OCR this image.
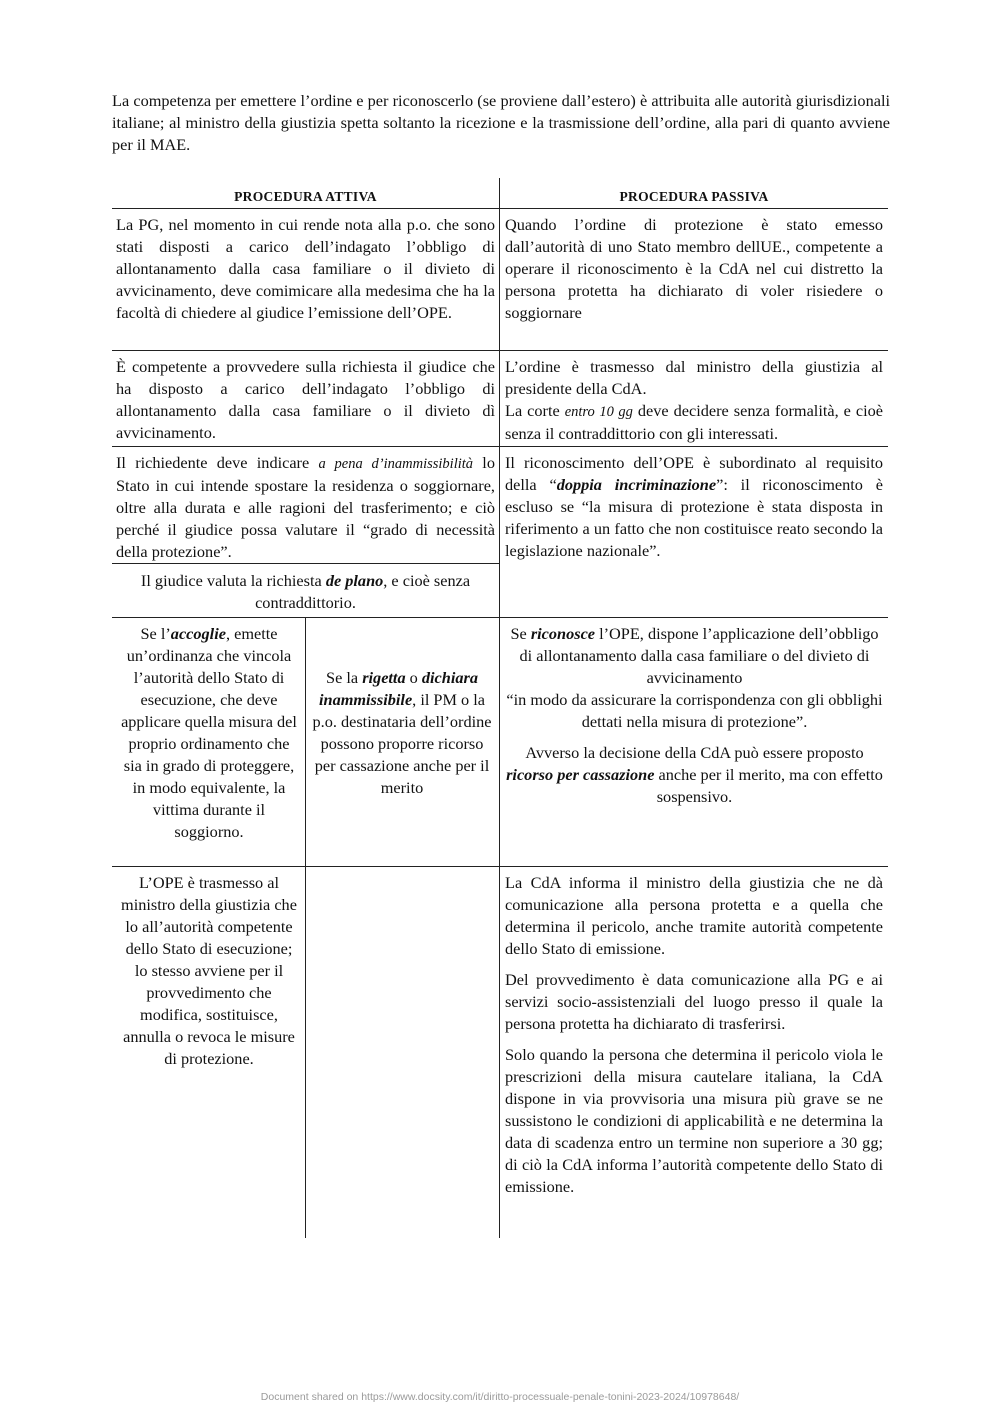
La competenza per emettere l’ordine e per riconoscerlo (se proviene dall’estero) è attribuita alle autorità giurisdizionali italiane; al ministro della giustizia spetta soltanto la ricezione e la trasmissione dell’ordine, alla pari di quanto avviene per il MAE.

PROCEDURA ATTIVA	PROCEDURA PASSIVA
La PG, nel momento in cui rende nota alla p.o. che sono stati disposti a carico dell’indagato l’obbligo di allontanamento dalla casa familiare o il divieto di avvicinamento, deve comimicare alla medesima che ha la facoltà di chiedere al giudice l’emissione dell’OPE.
Quando l’ordine di protezione è stato emesso dall’autorità di uno Stato membro dellUE., competente a operare il riconoscimento è la CdA nel cui distretto la persona protetta ha dichiarato di voler risiedere o soggiornare
È competente a provvedere sulla richiesta il giudice che ha disposto a carico dell’indagato l’obbligo di allontanamento dalla casa familiare o il divieto dì avvicinamento.

L’ordine è trasmesso dal ministro della giustizia al presidente della CdA.

La corte entro 10 gg deve decidere senza formalità, e cioè senza il contraddittorio con gli interessati.

Il richiedente deve indicare a pena d’inammissibilità lo Stato in cui intende spostare la residenza o soggiornare, oltre alla durata e alle ragioni del trasferimento; e ciò perché il giudice possa valutare il “grado di necessità della protezione”.
Il giudice valuta la richiesta de plano, e cioè senza contraddittorio.
Il riconoscimento dell’OPE è subordinato al requisito della “doppia incriminazione”: il riconoscimento è escluso se “la misura di protezione è stata disposta in riferimento a un fatto che non costituisce reato secondo la legislazione nazionale”.
Se l’accoglie, emette un’ordinanza che vincola l’autorità dello Stato di esecuzione, che deve applicare quella misura del proprio ordinamento che sia in grado di proteggere, in modo equivalente, la vittima durante il soggiorno.
Se la rigetta o dichiara inammissibile, il PM o la p.o. destinataria dell’ordine possono proporre ricorso per cassazione anche per il merito

Se riconosce l’OPE, dispone l’applicazione dell’obbligo di allontanamento dalla casa familiare o del divieto di avvicinamento
“in modo da assicurare la corrispondenza con gli obblighi dettati nella misura di protezione”.

Avverso la decisione della CdA può essere proposto ricorso per cassazione anche per il merito, ma con effetto sospensivo.

L’OPE è trasmesso al ministro della giustizia che lo all’autorità competente dello Stato di esecuzione; lo stesso avviene per il provvedimento che modifica, sostituisce, annulla o revoca le misure di protezione.

La CdA informa il ministro della giustizia che ne dà comunicazione alla persona protetta e a quella che determina il pericolo, anche tramite autorità competente dello Stato di emissione.

Del provvedimento è data comunicazione alla PG e ai servizi socio-assistenziali del luogo presso il quale la persona protetta ha dichiarato di trasferirsi.

Solo quando la persona che determina il pericolo viola le prescrizioni della misura cautelare italiana, la CdA dispone in via provvisoria una misura più grave se ne sussistono le condizioni di applicabilità e ne determina la data di scadenza entro un termine non superiore a 30 gg; di ciò la CdA informa l’autorità competente dello Stato di emissione.

Document shared on https://www.docsity.com/it/diritto-processuale-penale-tonini-2023-2024/10978648/
